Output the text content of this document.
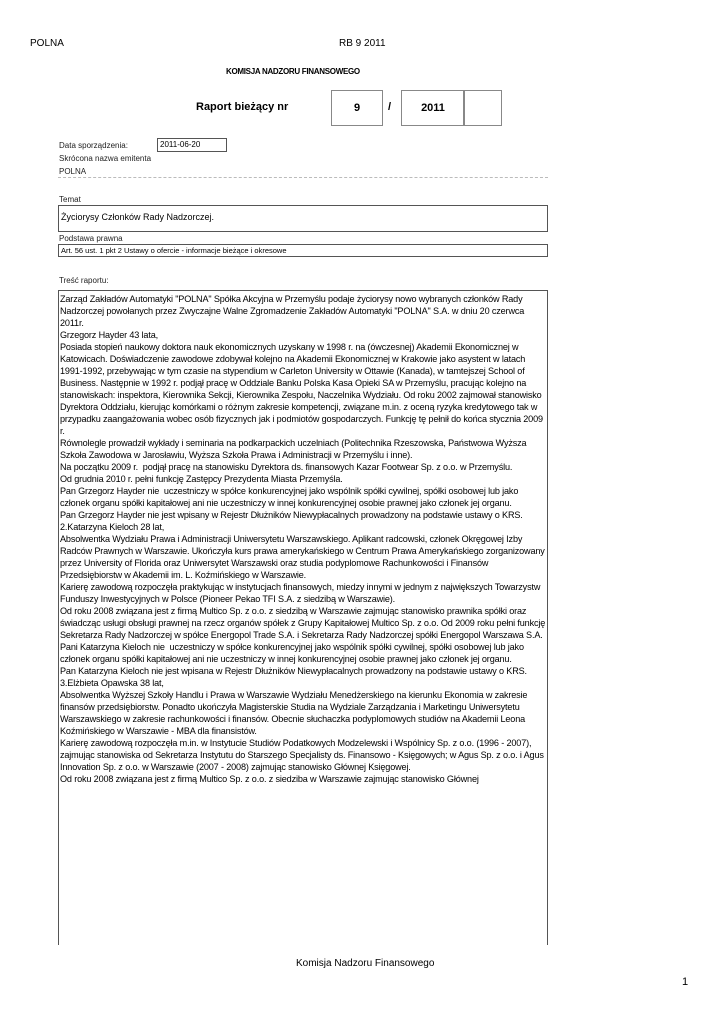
POLNA	RB 9 2011
KOMISJA NADZORU FINANSOWEGO
Raport bieżący nr	9	/	2011
Data sporządzenia:	2011-06-20
Skrócona nazwa emitenta
POLNA
Temat
Życiorysy Członków Rady Nadzorczej.
Podstawa prawna
Art. 56 ust. 1 pkt 2 Ustawy o ofercie - informacje bieżące i okresowe
Treść raportu:

Zarząd Zakładów Automatyki "POLNA" Spółka Akcyjna w Przemyślu podaje życiorysy nowo wybranych członków Rady Nadzorczej powołanych przez Zwyczajne Walne Zgromadzenie Zakładów Automatyki "POLNA" S.A. w dniu 20 czerwca 2011r.

Grzegorz Hayder 43 lata,
Posiada stopień naukowy doktora nauk ekonomicznych uzyskany w 1998 r. na (ówczesnej) Akademii Ekonomicznej w Katowicach. Doświadczenie zawodowe zdobywał kolejno na Akademii Ekonomicznej w Krakowie jako asystent w latach 1991-1992, przebywając w tym czasie na stypendium w Carleton University w Ottawie (Kanada), w tamtejszej School of Business. Następnie w 1992 r. podjął pracę w Oddziale Banku Polska Kasa Opieki SA w Przemyślu, pracując kolejno na stanowiskach: inspektora, Kierownika Sekcji, Kierownika Zespołu, Naczelnika Wydziału. Od roku 2002 zajmował stanowisko Dyrektora Oddziału, kierując komórkami o różnym zakresie kompetencji, związane m.in. z oceną ryzyka kredytowego tak w przypadku zaangażowania wobec osób fizycznych jak i podmiotów gospodarczych. Funkcję tę pełnił do końca stycznia 2009 r.
Równolegle prowadził wykłady i seminaria na podkarpackich uczelniach (Politechnika Rzeszowska, Państwowa Wyższa Szkoła Zawodowa w Jarosławiu, Wyższa Szkoła Prawa i Administracji w Przemyślu i inne).
Na początku 2009 r.  podjął pracę na stanowisku Dyrektora ds. finansowych Kazar Footwear Sp. z o.o. w Przemyślu.
Od grudnia 2010 r. pełni funkcję Zastępcy Prezydenta Miasta Przemyśla.

Pan Grzegorz Hayder nie  uczestniczy w spółce konkurencyjnej jako wspólnik spółki cywilnej, spółki osobowej lub jako członek organu spółki kapitałowej ani nie uczestniczy w innej konkurencyjnej osobie prawnej jako członek jej organu.
Pan Grzegorz Hayder nie jest wpisany w Rejestr Dłużników Niewypłacalnych prowadzony na podstawie ustawy o KRS.

2.Katarzyna Kieloch 28 lat,
Absolwentka Wydziału Prawa i Administracji Uniwersytetu Warszawskiego. Aplikant radcowski, członek Okręgowej Izby Radców Prawnych w Warszawie. Ukończyła kurs prawa amerykańskiego w Centrum Prawa Amerykańskiego zorganizowany przez University of Florida oraz Uniwersytet Warszawski oraz studia podyplomowe Rachunkowości i Finansów Przedsiębiorstw w Akademii im. L. Koźmińskiego w Warszawie.
Karierę zawodową rozpoczęła praktykując w instytucjach finansowych, miedzy innymi w jednym z największych Towarzystw Funduszy Inwestycyjnych w Polsce (Pioneer Pekao TFI S.A. z siedzibą w Warszawie).
Od roku 2008 związana jest z firmą Multico Sp. z o.o. z siedzibą w Warszawie zajmując stanowisko prawnika spółki oraz świadcząc usługi obsługi prawnej na rzecz organów spółek z Grupy Kapitałowej Multico Sp. z o.o. Od 2009 roku pełni funkcję Sekretarza Rady Nadzorczej w spółce Energopol Trade S.A. i Sekretarza Rady Nadzorczej spółki Energopol Warszawa S.A.

Pani Katarzyna Kieloch nie  uczestniczy w spółce konkurencyjnej jako wspólnik spółki cywilnej, spółki osobowej lub jako członek organu spółki kapitałowej ani nie uczestniczy w innej konkurencyjnej osobie prawnej jako członek jej organu.
Pan Katarzyna Kieloch nie jest wpisana w Rejestr Dłużników Niewypłacalnych prowadzony na podstawie ustawy o KRS.

3.Elżbieta Opawska 38 lat,
Absolwentka Wyższej Szkoły Handlu i Prawa w Warszawie Wydziału Menedżerskiego na kierunku Ekonomia w zakresie finansów przedsiębiorstw. Ponadto ukończyła Magisterskie Studia na Wydziale Zarządzania i Marketingu Uniwersytetu Warszawskiego w zakresie rachunkowości i finansów. Obecnie słuchaczka podyplomowych studiów na Akademii Leona Koźmińskiego w Warszawie - MBA dla finansistów.
Karierę zawodową rozpoczęła m.in. w Instytucie Studiów Podatkowych Modzelewski i Wspólnicy Sp. z o.o. (1996 - 2007), zajmując stanowiska od Sekretarza Instytutu do Starszego Specjalisty ds. Finansowo - Księgowych; w Agus Sp. z o.o. i Agus Innovation Sp. z o.o. w Warszawie (2007 - 2008) zajmując stanowisko Głównej Księgowej.
Od roku 2008 związana jest z firmą Multico Sp. z o.o. z siedziba w Warszawie zajmując stanowisko Głównej

Komisja Nadzoru Finansowego
1
